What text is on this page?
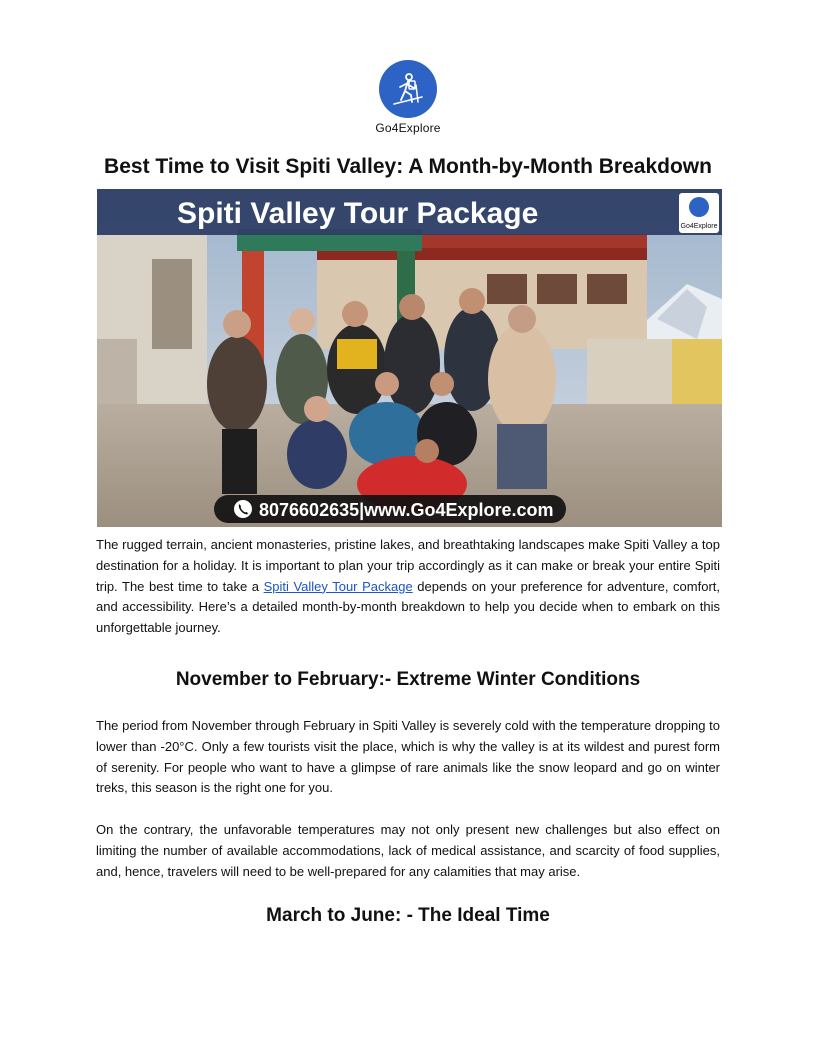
Go4Explore
Best Time to Visit Spiti Valley: A Month-by-Month Breakdown
Spiti Valley Tour Package	Go4Explore
8076602635|www.Go4Explore.com

The rugged terrain, ancient monasteries, pristine lakes, and breathtaking landscapes make Spiti Valley a top destination for a holiday. It is important to plan your trip accordingly as it can make or break your entire Spiti trip. The best time to take a Spiti Valley Tour Package depends on your preference for adventure, comfort, and accessibility. Here’s a detailed month-by-month breakdown to help you decide when to embark on this unforgettable journey.

November to February:- Extreme Winter Conditions

The period from November through February in Spiti Valley is severely cold with the temperature dropping to lower than -20°C. Only a few tourists visit the place, which is why the valley is at its wildest and purest form of serenity. For people who want to have a glimpse of rare animals like the snow leopard and go on winter treks, this season is the right one for you.

On the contrary, the unfavorable temperatures may not only present new challenges but also effect on limiting the number of available accommodations, lack of medical assistance, and scarcity of food supplies, and, hence, travelers will need to be well-prepared for any calamities that may arise.

March to June: - The Ideal Time
